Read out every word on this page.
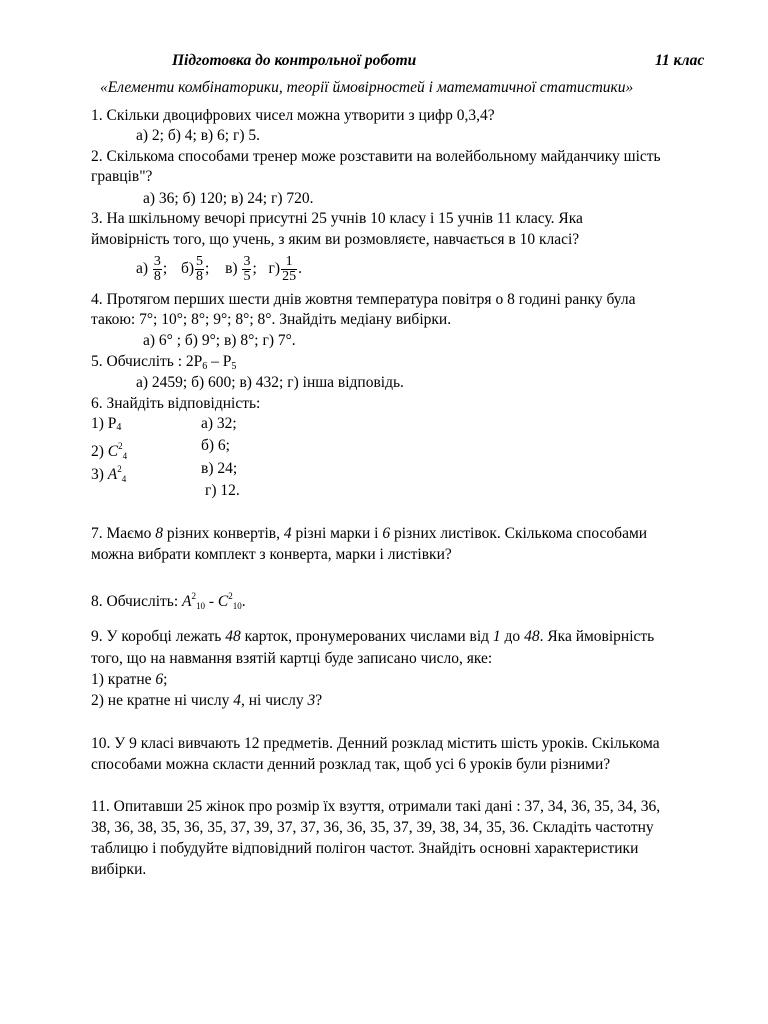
Підготовка до контрольної роботи	11 клас
«Елементи комбінаторики, теорії ймовірностей і математичної статистики»
1. Скільки двоцифрових чисел можна утворити з цифр 0,3,4?
а) 2; б) 4; в) 6; г) 5.
2. Скількома способами тренер може розставити на волейбольному майданчику шість
гравців"?
а) 36; б) 120; в) 24; г) 720.
3. На шкільному вечорі присутні 25 учнів 10 класу і 15 учнів 11 класу. Яка
ймовірність того, що учень, з яким ви розмовляєте, навчається в 10 класі?
$а) \frac{3}{8}$ ; $б) \frac{5}{8}$ ; $в) \frac{3}{5}$ ; $г) \frac{1}{25}$ .
4. Протягом перших шести днів жовтня температура повітря о 8 годині ранку була
такою: 7°; 10°; 8°; 9°; 8°; 8°. Знайдіть медіану вибірки.
а) 6° ; б) 9°; в) 8°; г) 7°.
5. Обчисліть : 2P6 – P5
а) 2459; б) 600; в) 432; г) інша відповідь.
6. Знайдіть відповідність:
1) $P_4$
2) $C^2_4$
3) $A^2_4$
а) 32;
б) 6;
в) 24;
г) 12.
7. Маємо 8 різних конвертів, 4 різні марки і 6 різних листівок. Скількома способами
можна вибрати комплект з конверта, марки і листівки?
8. Обчисліть: $A^2_{10} - C^2_{10}$.
9. У коробці лежать 48 карток, пронумерованих числами від 1 до 48. Яка ймовірність
того, що на навмання взятій картці буде записано число, яке:
1) кратне 6;
2) не кратне ні числу 4, ні числу 3?
10. У 9 класі вивчають 12 предметів. Денний розклад містить шість уроків. Скількома
способами можна скласти денний розклад так, щоб усі 6 уроків були різними?
11. Опитавши 25 жінок про розмір їх взуття, отримали такі дані : 37, 34, 36, 35, 34, 36,
38, 36, 38, 35, 36, 35, 37, 39, 37, 37, 36, 36, 35, 37, 39, 38, 34, 35, 36. Складіть частотну
таблицю і побудуйте відповідний полігон частот. Знайдіть основні характеристики
вибірки.
